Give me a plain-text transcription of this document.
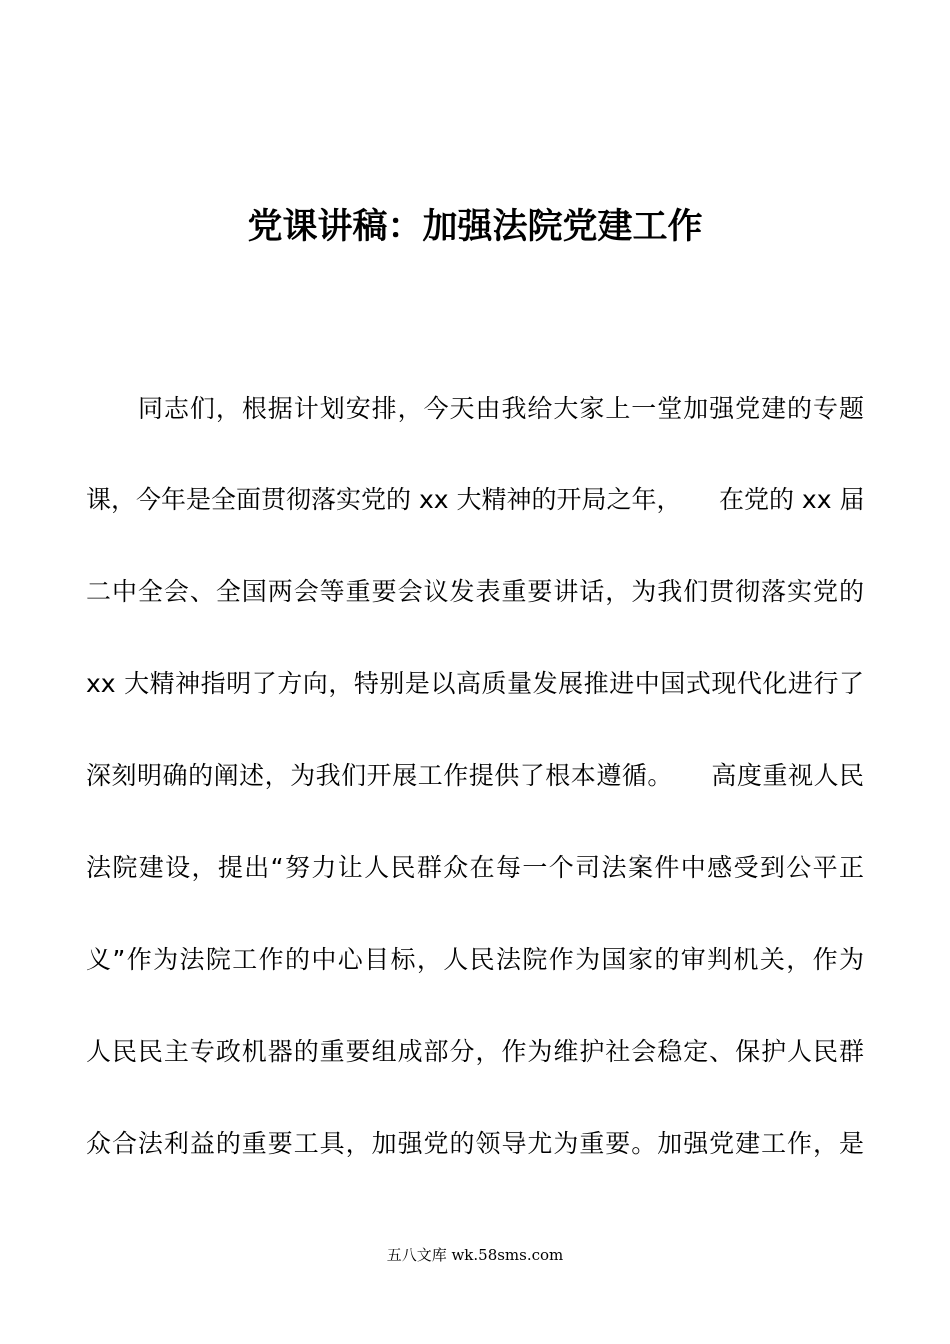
党课讲稿：加强法院党建工作
同志们，根据计划安排，今天由我给大家上一堂加强党建的专题
课，今年是全面贯彻落实党的 xx 大精神的开局之年，　　在党的 xx 届
二中全会、全国两会等重要会议发表重要讲话，为我们贯彻落实党的
xx 大精神指明了方向，特别是以高质量发展推进中国式现代化进行了
深刻明确的阐述，为我们开展工作提供了根本遵循。　　高度重视人民
法院建设，提出“努力让人民群众在每一个司法案件中感受到公平正
义”作为法院工作的中心目标，人民法院作为国家的审判机关，作为
人民民主专政机器的重要组成部分，作为维护社会稳定、保护人民群
众合法利益的重要工具，加强党的领导尤为重要。加强党建工作，是
五八文库 wk.58sms.com
